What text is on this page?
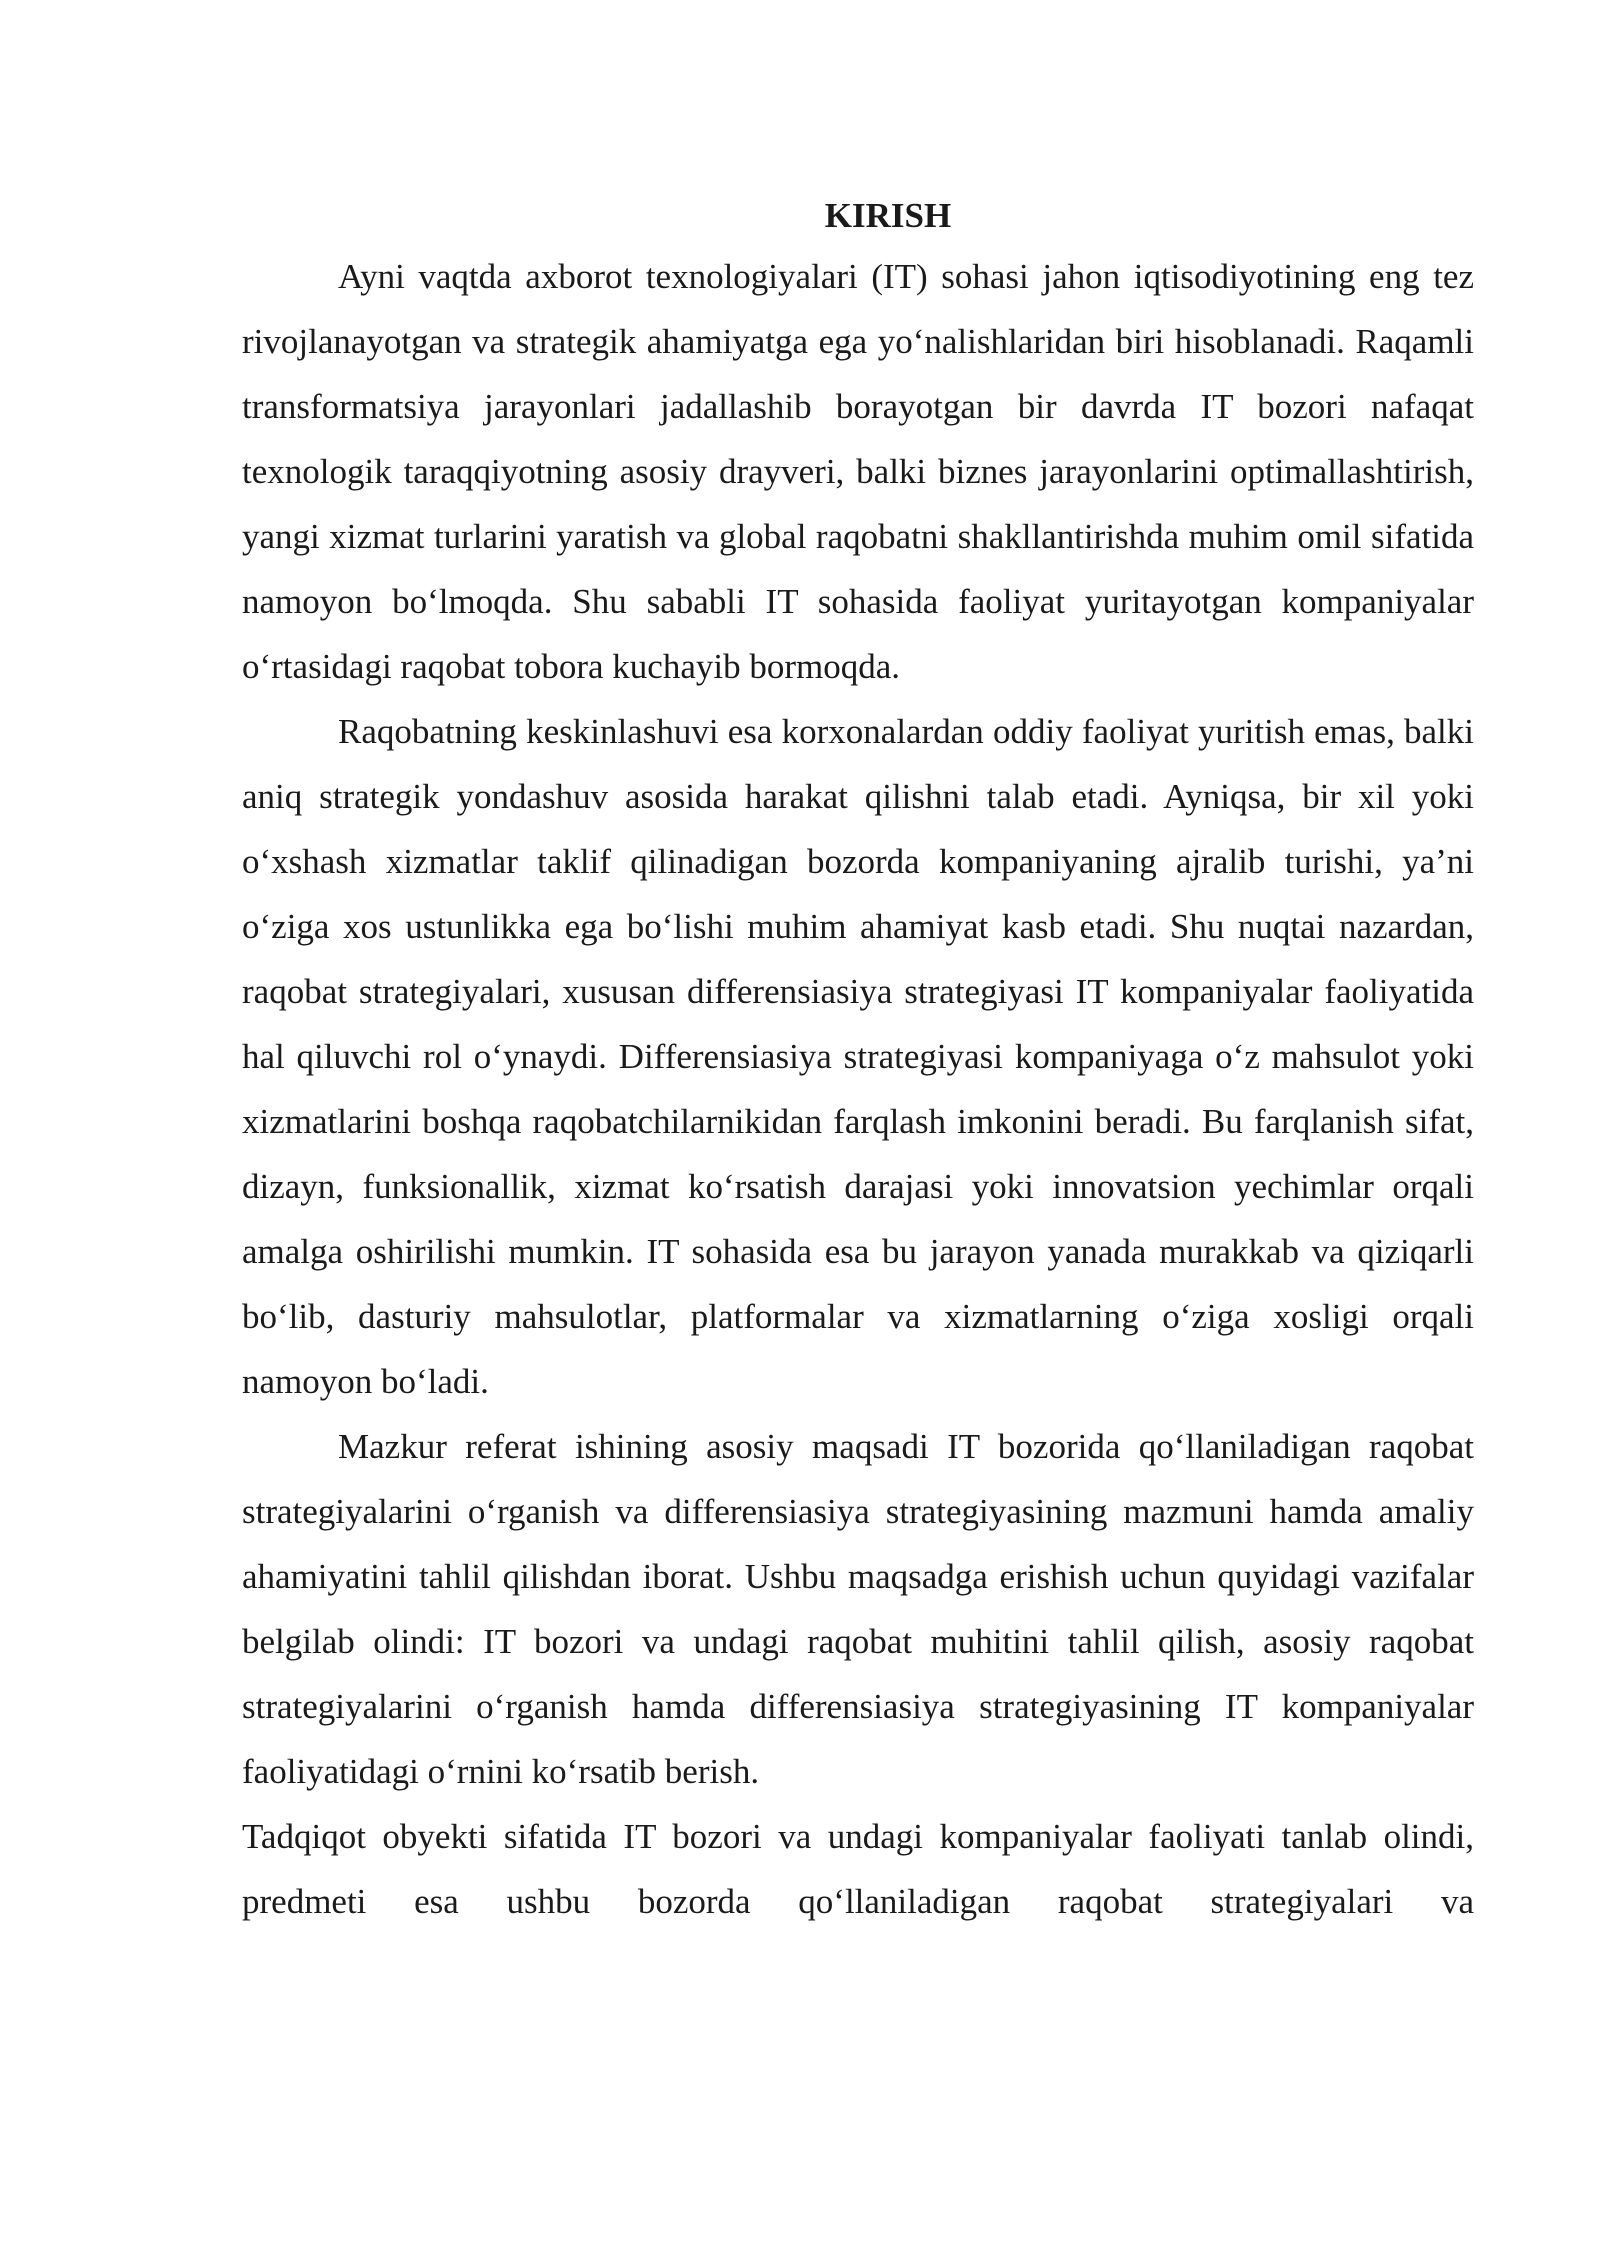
KIRISH

Ayni vaqtda axborot texnologiyalari (IT) sohasi jahon iqtisodiyotining eng tez rivojlanayotgan va strategik ahamiyatga ega yo‘nalishlaridan biri hisoblanadi. Raqamli transformatsiya jarayonlari jadallashib borayotgan bir davrda IT bozori nafaqat texnologik taraqqiyotning asosiy drayveri, balki biznes jarayonlarini optimallashtirish, yangi xizmat turlarini yaratish va global raqobatni shakllantirishda muhim omil sifatida namoyon bo‘lmoqda. Shu sababli IT sohasida faoliyat yuritayotgan kompaniyalar o‘rtasidagi raqobat tobora kuchayib bormoqda.

Raqobatning keskinlashuvi esa korxonalardan oddiy faoliyat yuritish emas, balki aniq strategik yondashuv asosida harakat qilishni talab etadi. Ayniqsa, bir xil yoki o‘xshash xizmatlar taklif qilinadigan bozorda kompaniyaning ajralib turishi, ya’ni o‘ziga xos ustunlikka ega bo‘lishi muhim ahamiyat kasb etadi. Shu nuqtai nazardan, raqobat strategiyalari, xususan differensiasiya strategiyasi IT kompaniyalar faoliyatida hal qiluvchi rol o‘ynaydi. Differensiasiya strategiyasi kompaniyaga o‘z mahsulot yoki xizmatlarini boshqa raqobatchilarnikidan farqlash imkonini beradi. Bu farqlanish sifat, dizayn, funksionallik, xizmat ko‘rsatish darajasi yoki innovatsion yechimlar orqali amalga oshirilishi mumkin. IT sohasida esa bu jarayon yanada murakkab va qiziqarli bo‘lib, dasturiy mahsulotlar, platformalar va xizmatlarning o‘ziga xosligi orqali namoyon bo‘ladi.

Mazkur referat ishining asosiy maqsadi IT bozorida qo‘llaniladigan raqobat strategiyalarini o‘rganish va differensiasiya strategiyasining mazmuni hamda amaliy ahamiyatini tahlil qilishdan iborat. Ushbu maqsadga erishish uchun quyidagi vazifalar belgilab olindi: IT bozori va undagi raqobat muhitini tahlil qilish, asosiy raqobat strategiyalarini o‘rganish hamda differensiasiya strategiyasining IT kompaniyalar faoliyatidagi o‘rnini ko‘rsatib berish.

Tadqiqot obyekti sifatida IT bozori va undagi kompaniyalar faoliyati tanlab olindi, predmeti esa ushbu bozorda qo‘llaniladigan raqobat strategiyalari va
